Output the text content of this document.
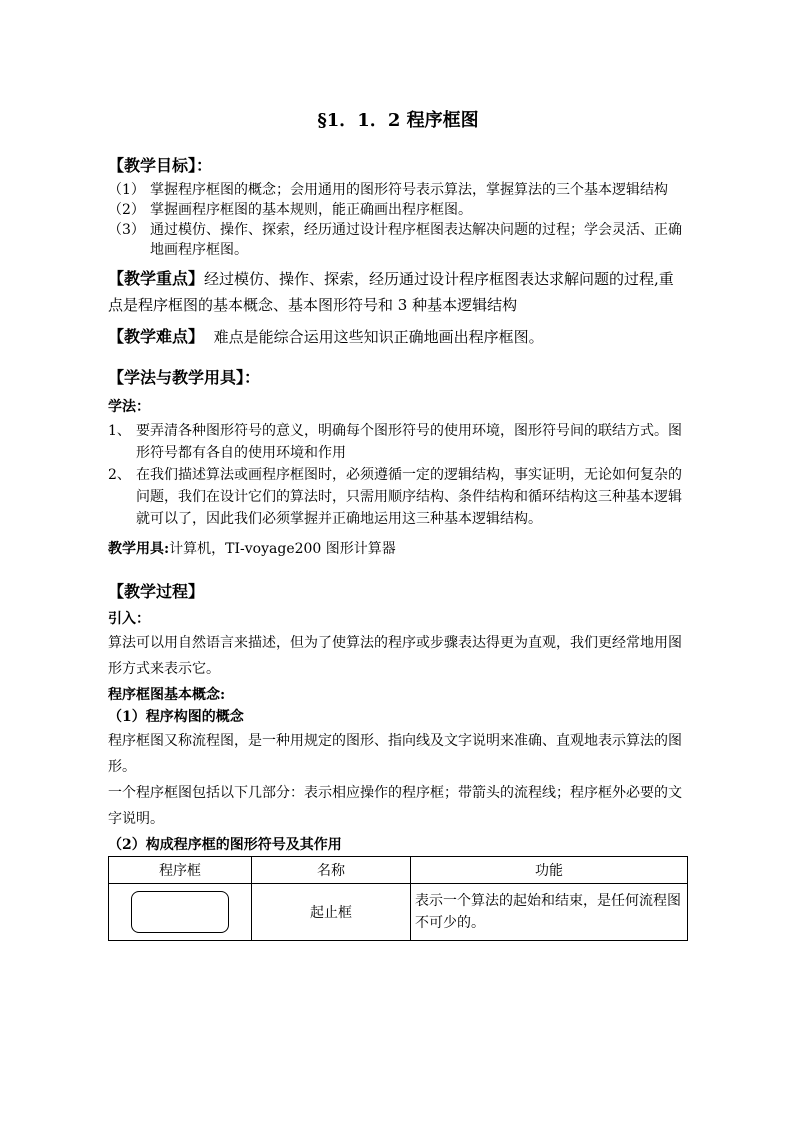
§1．1．2 程序框图
【教学目标】：
（1） 掌握程序框图的概念；会用通用的图形符号表示算法，掌握算法的三个基本逻辑结构
（2） 掌握画程序框图的基本规则，能正确画出程序框图。
（3） 通过模仿、操作、探索，经历通过设计程序框图表达解决问题的过程；学会灵活、正确地画程序框图。
【教学重点】经过模仿、操作、探索，经历通过设计程序框图表达求解问题的过程,重点是程序框图的基本概念、基本图形符号和 3 种基本逻辑结构
【教学难点】 难点是能综合运用这些知识正确地画出程序框图。
【学法与教学用具】：
学法：
1、 要弄清各种图形符号的意义，明确每个图形符号的使用环境，图形符号间的联结方式。图形符号都有各自的使用环境和作用
2、 在我们描述算法或画程序框图时，必须遵循一定的逻辑结构，事实证明，无论如何复杂的问题，我们在设计它们的算法时，只需用顺序结构、条件结构和循环结构这三种基本逻辑就可以了，因此我们必须掌握并正确地运用这三种基本逻辑结构。
教学用具:计算机，TI-voyage200 图形计算器
【教学过程】
引入：
算法可以用自然语言来描述，但为了使算法的程序或步骤表达得更为直观，我们更经常地用图形方式来表示它。
程序框图基本概念:
（1）程序构图的概念
程序框图又称流程图，是一种用规定的图形、指向线及文字说明来准确、直观地表示算法的图形。
一个程序框图包括以下几部分：表示相应操作的程序框；带箭头的流程线；程序框外必要的文字说明。
（2）构成程序框的图形符号及其作用
程序框	名称	功能

	起止框	表示一个算法的起始和结束，是任何流程图不可少的。
